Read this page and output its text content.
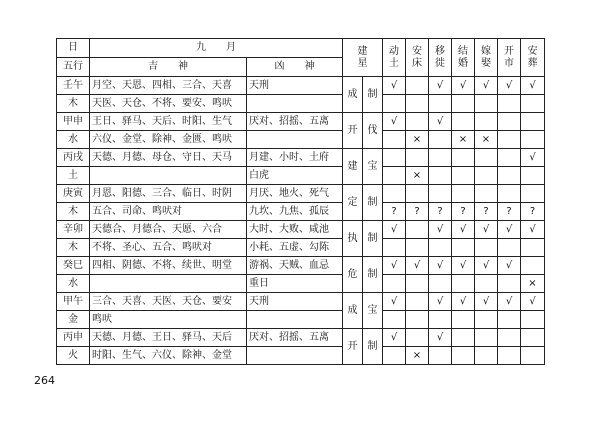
日	九　　月		建星		动土	安床	移徙	结婚	嫁娶	开市	安葬
五行	吉　　神	凶　　神									
壬午	月空、天恩、四相、三合、天喜	天刑	成	制	√		√	√	√	√	√
木	天医、天仓、不将、要安、鸣吠										
甲申	王日、驿马、天后、时阳、生气	厌对、招摇、五离	开	伐	√		√				
水	六仪、金堂、除神、金匮、鸣吠					×		×	×		
丙戌	天德、月德、母仓、守日、天马	月建、小时、土府	建	宝							√
土		白虎				×					
庚寅	月恩、阳德、三合、临日、时阴	月厌、地火、死气	定	制							
木	五合、司命、鸣吠对	九坎、九焦、孤辰			?	?	?	?	?	?	?
辛卯	天德合、月德合、天愿、六合	大时、大败、咸池	执	制	√		√	√	√	√	√
木	不将、圣心、五合、鸣吠对	小耗、五虚、勾陈									
癸巳	四相、阴德、不将、续世、明堂	游祸、天贼、血忌	危	制	√	√	√	√	√	√	
水		重日									×
甲午	三合、天喜、天医、天仓、要安	天刑	成	宝	√		√	√	√	√	√
金	鸣吠										
丙申	天德、月德、王日、驿马、天后	厌对、招摇、五离	开	制	√		√				
火	时阳、生气、六仪、除神、金堂					×					
264
